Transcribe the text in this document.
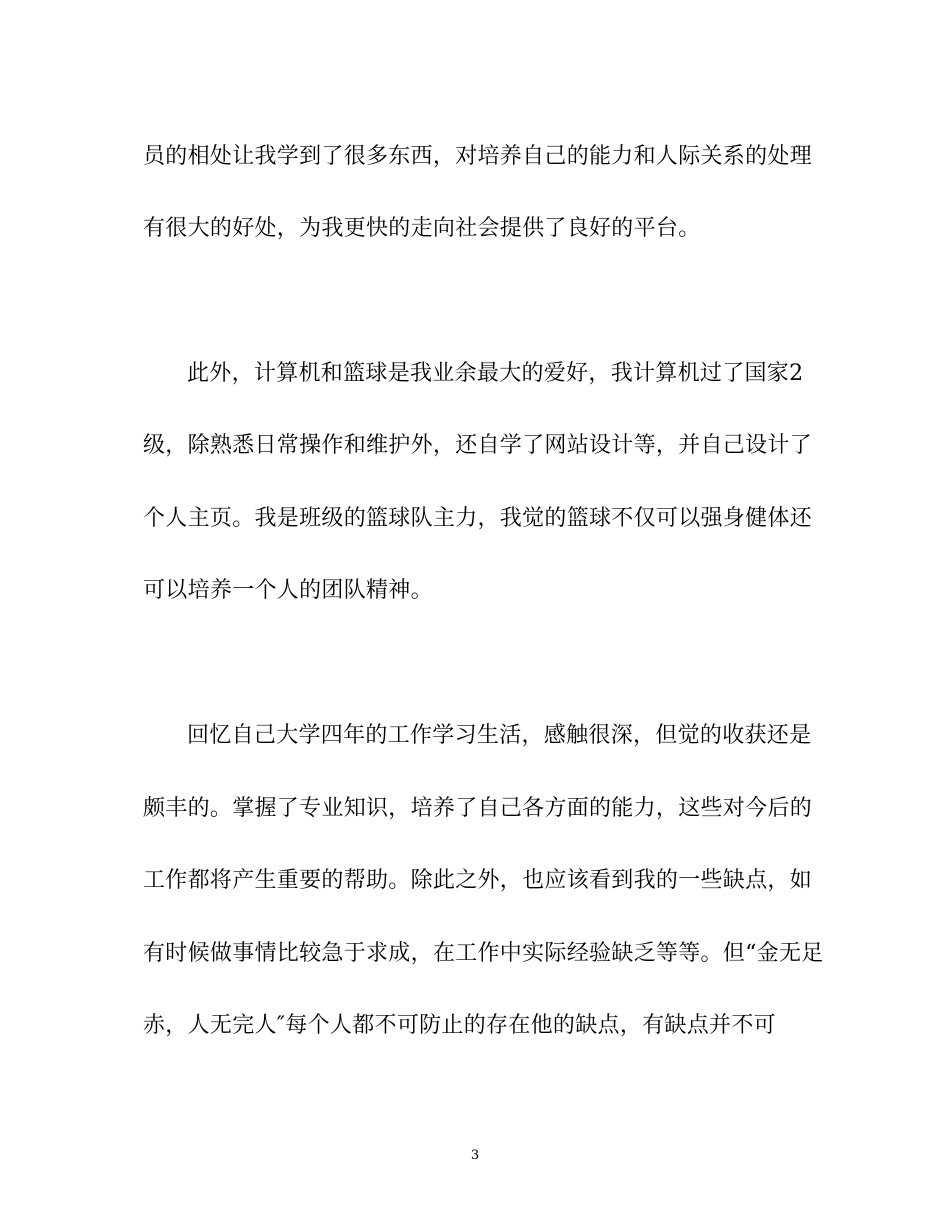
员的相处让我学到了很多东西，对培养自己的能力和人际关系的处理
有很大的好处，为我更快的走向社会提供了良好的平台。
此外，计算机和篮球是我业余最大的爱好，我计算机过了国家2
级，除熟悉日常操作和维护外，还自学了网站设计等，并自己设计了
个人主页。我是班级的篮球队主力，我觉的篮球不仅可以强身健体还
可以培养一个人的团队精神。
回忆自己大学四年的工作学习生活，感触很深，但觉的收获还是
颇丰的。掌握了专业知识，培养了自己各方面的能力，这些对今后的
工作都将产生重要的帮助。除此之外，也应该看到我的一些缺点，如
有时候做事情比较急于求成，在工作中实际经验缺乏等等。但“金无足
赤，人无完人″每个人都不可防止的存在他的缺点，有缺点并不可
3
